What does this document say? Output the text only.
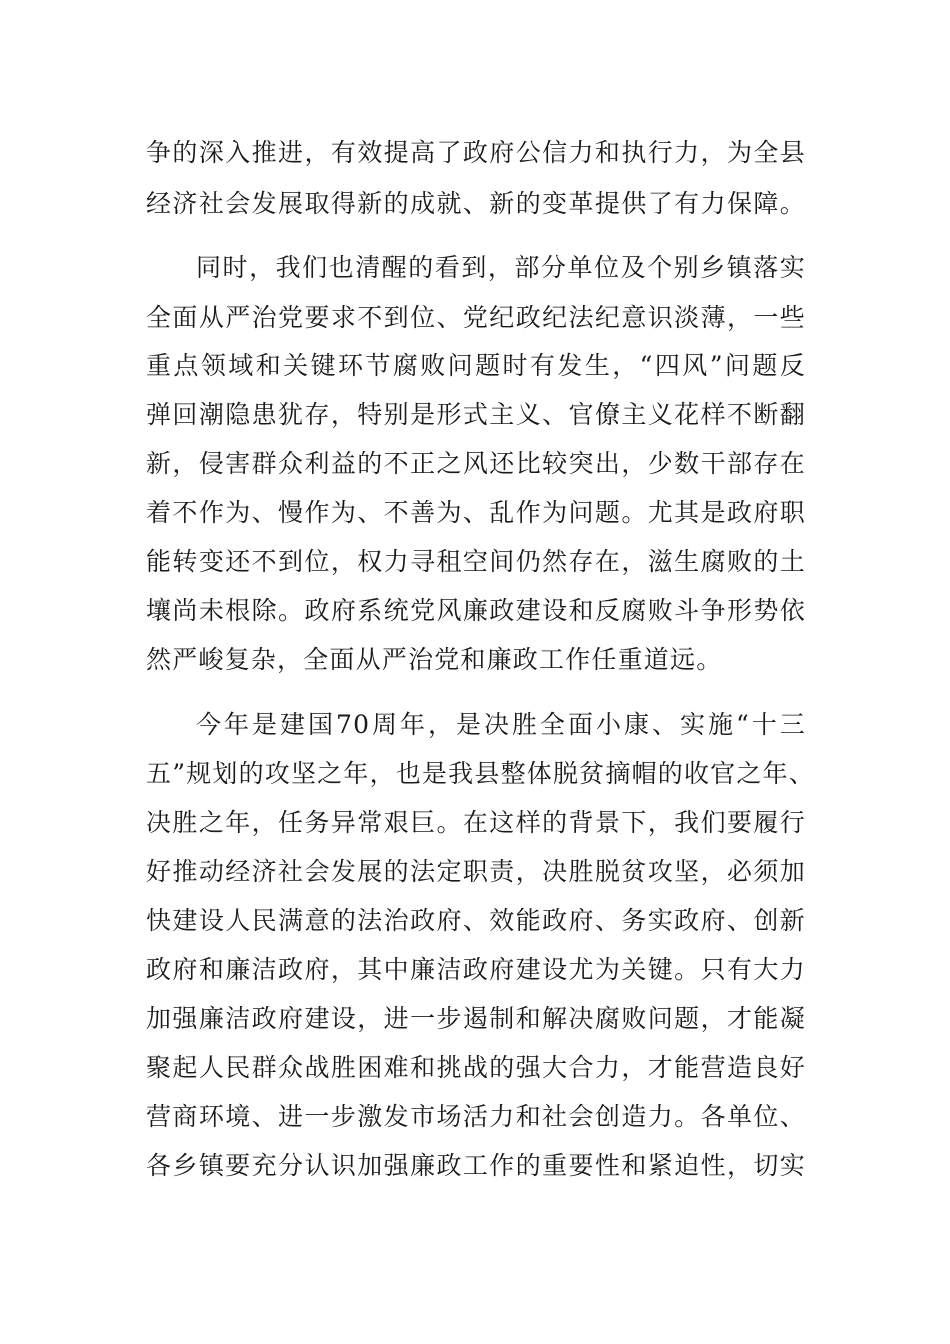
争的深入推进，有效提高了政府公信力和执行力，为全县

经济社会发展取得新的成就、新的变革提供了有力保障。

同时，我们也清醒的看到，部分单位及个别乡镇落实

全面从严治党要求不到位、党纪政纪法纪意识淡薄，一些

重点领域和关键环节腐败问题时有发生，“四风”问题反

弹回潮隐患犹存，特别是形式主义、官僚主义花样不断翻

新，侵害群众利益的不正之风还比较突出，少数干部存在

着不作为、慢作为、不善为、乱作为问题。尤其是政府职

能转变还不到位，权力寻租空间仍然存在，滋生腐败的土

壤尚未根除。政府系统党风廉政建设和反腐败斗争形势依

然严峻复杂，全面从严治党和廉政工作任重道远。

今年是建国70周年，是决胜全面小康、实施“十三

五”规划的攻坚之年，也是我县整体脱贫摘帽的收官之年、

决胜之年，任务异常艰巨。在这样的背景下，我们要履行

好推动经济社会发展的法定职责，决胜脱贫攻坚，必须加

快建设人民满意的法治政府、效能政府、务实政府、创新

政府和廉洁政府，其中廉洁政府建设尤为关键。只有大力

加强廉洁政府建设，进一步遏制和解决腐败问题，才能凝

聚起人民群众战胜困难和挑战的强大合力，才能营造良好

营商环境、进一步激发市场活力和社会创造力。各单位、

各乡镇要充分认识加强廉政工作的重要性和紧迫性，切实
